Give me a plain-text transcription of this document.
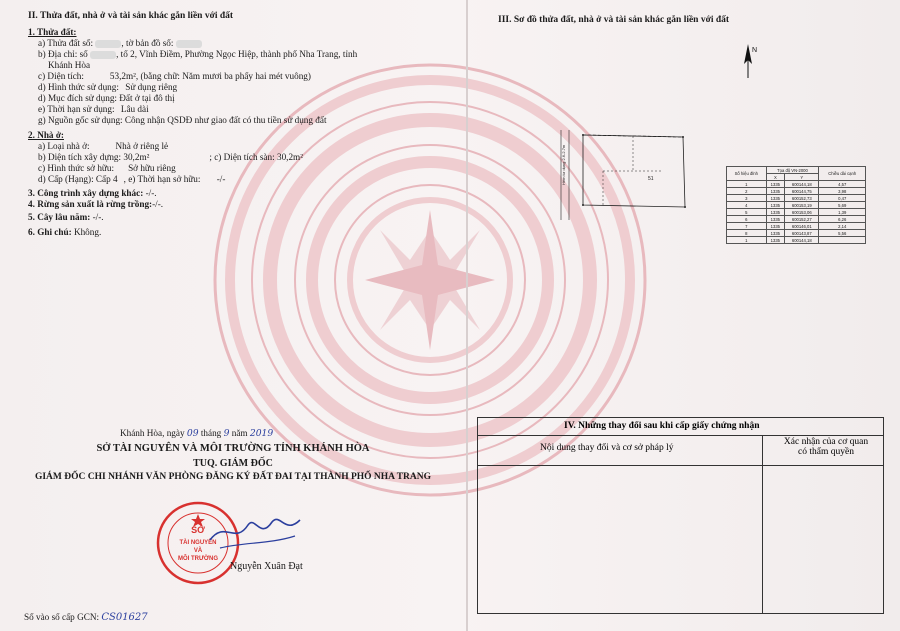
II. Thửa đất, nhà ở và tài sản khác gắn liền với đất
1. Thửa đất:
a) Thửa đất số:	, tờ bản đồ số:
b) Địa chỉ: số	, tổ 2, Vĩnh Điềm, Phường Ngọc Hiệp, thành phố Nha Trang, tỉnh
Khánh Hòa
c) Diện tích:	53,2m², (bằng chữ: Năm mươi ba phẩy hai mét vuông)
d) Hình thức sử dụng: Sử dụng riêng
d) Mục đích sử dụng: Đất ở tại đô thị
e) Thời hạn sử dụng: Lâu dài
g) Nguồn gốc sử dụng: Công nhận QSDĐ như giao đất có thu tiền sử dụng đất
2. Nhà ở:
a) Loại nhà ở:	Nhà ở riêng lẻ
b) Diện tích xây dựng: 30,2m²	; c) Diện tích sàn: 30,2m²
c) Hình thức sở hữu: Sở hữu riêng
d) Cấp (Hạng): Cấp 4 , e) Thời hạn sở hữu: -/-
3. Công trình xây dựng khác: -/-.
4. Rừng sản xuất là rừng trồng:-/-.
5. Cây lâu năm: -/-.
6. Ghi chú: Không.
Khánh Hòa, ngày 09 tháng 9 năm 2019
SỞ TÀI NGUYÊN VÀ MÔI TRƯỜNG TỈNH KHÁNH HÒA
TUQ. GIÁM ĐỐC
GIÁM ĐỐC CHI NHÁNH VĂN PHÒNG ĐĂNG KÝ ĐẤT ĐAI TẠI THÀNH PHỐ NHA TRANG
SỞ
TÀI NGUYÊN
VÀ
MÔI TRƯỜNG
Nguyễn Xuân Đạt
Số vào sổ cấp GCN: CS01627
III. Sơ đồ thửa đất, nhà ở và tài sản khác gắn liền với đất
N
Hẻm tư dụng 2.6-2.7m	51
Số hiệu đỉnh	Tọa độ VN-2000		Chiều dài cạnh
	X	Y	
1	1335	600144,18	4,57
2	1335	600144,75	3,98
3	1335	600152,73	0,47
4	1335	600153,19	5,69
5	1335	600153,06	1,39
6	1335	600152,27	6,26
7	1335	600146,01	2,14
8	1335	600143,87	5,56
1	1335	600144,18	
IV. Những thay đổi sau khi cấp giấy chứng nhận
Nội dung thay đổi và cơ sở pháp lý
Xác nhận của cơ quan
có thẩm quyền
